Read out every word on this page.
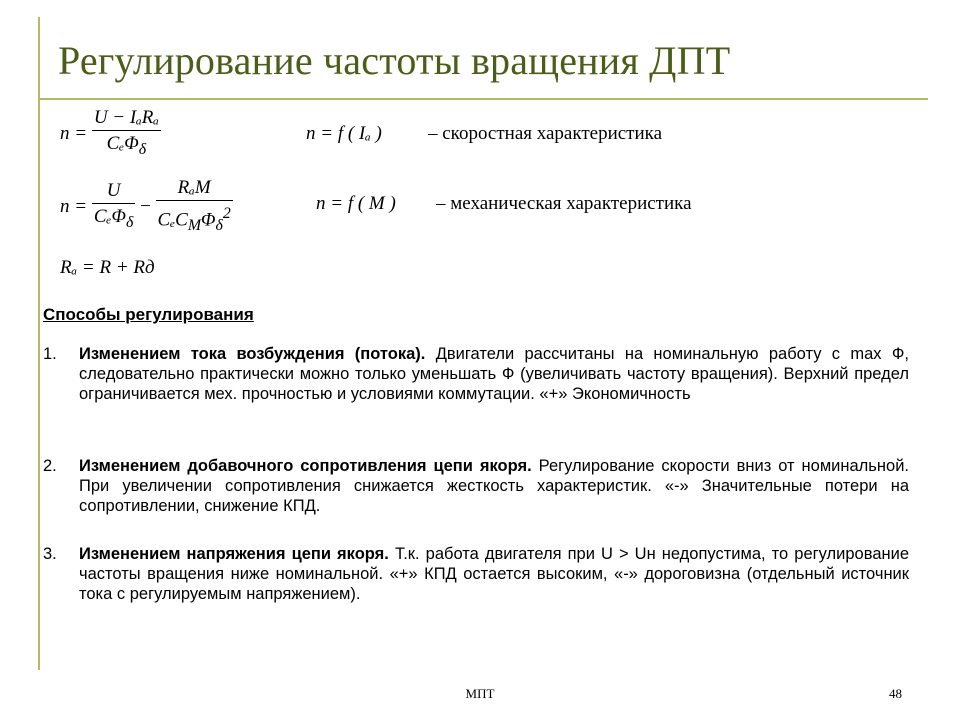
Регулирование частоты вращения ДПТ
$n = \frac{\text{U − IₐRₐ}}{C_e\Phi_\delta}$	n = f ( Iₐ ) – скоростная характеристика
$n = \frac{U}{C_e\Phi_\delta} - \frac{\text{RₐM}}{C_eC_M\Phi_\delta^2}$	n = f ( M ) – механическая характеристика
Rₐ = R + Rд
Способы регулирования
1. Изменением тока возбуждения (потока). Двигатели рассчитаны на номинальную работу с max Ф, следовательно практически можно только уменьшать Ф (увеличивать частоту вращения). Верхний предел ограничивается мех. прочностью и условиями коммутации. «+» Экономичность
2. Изменением добавочного сопротивления цепи якоря. Регулирование скорости вниз от номинальной. При увеличении сопротивления снижается жесткость характеристик. «-» Значительные потери на сопротивлении, снижение КПД.
3. Изменением напряжения цепи якоря. Т.к. работа двигателя при U > Uн недопустима, то регулирование частоты вращения ниже номинальной. «+» КПД остается высоким, «-» дороговизна (отдельный источник тока с регулируемым напряжением).
МПТ	48
